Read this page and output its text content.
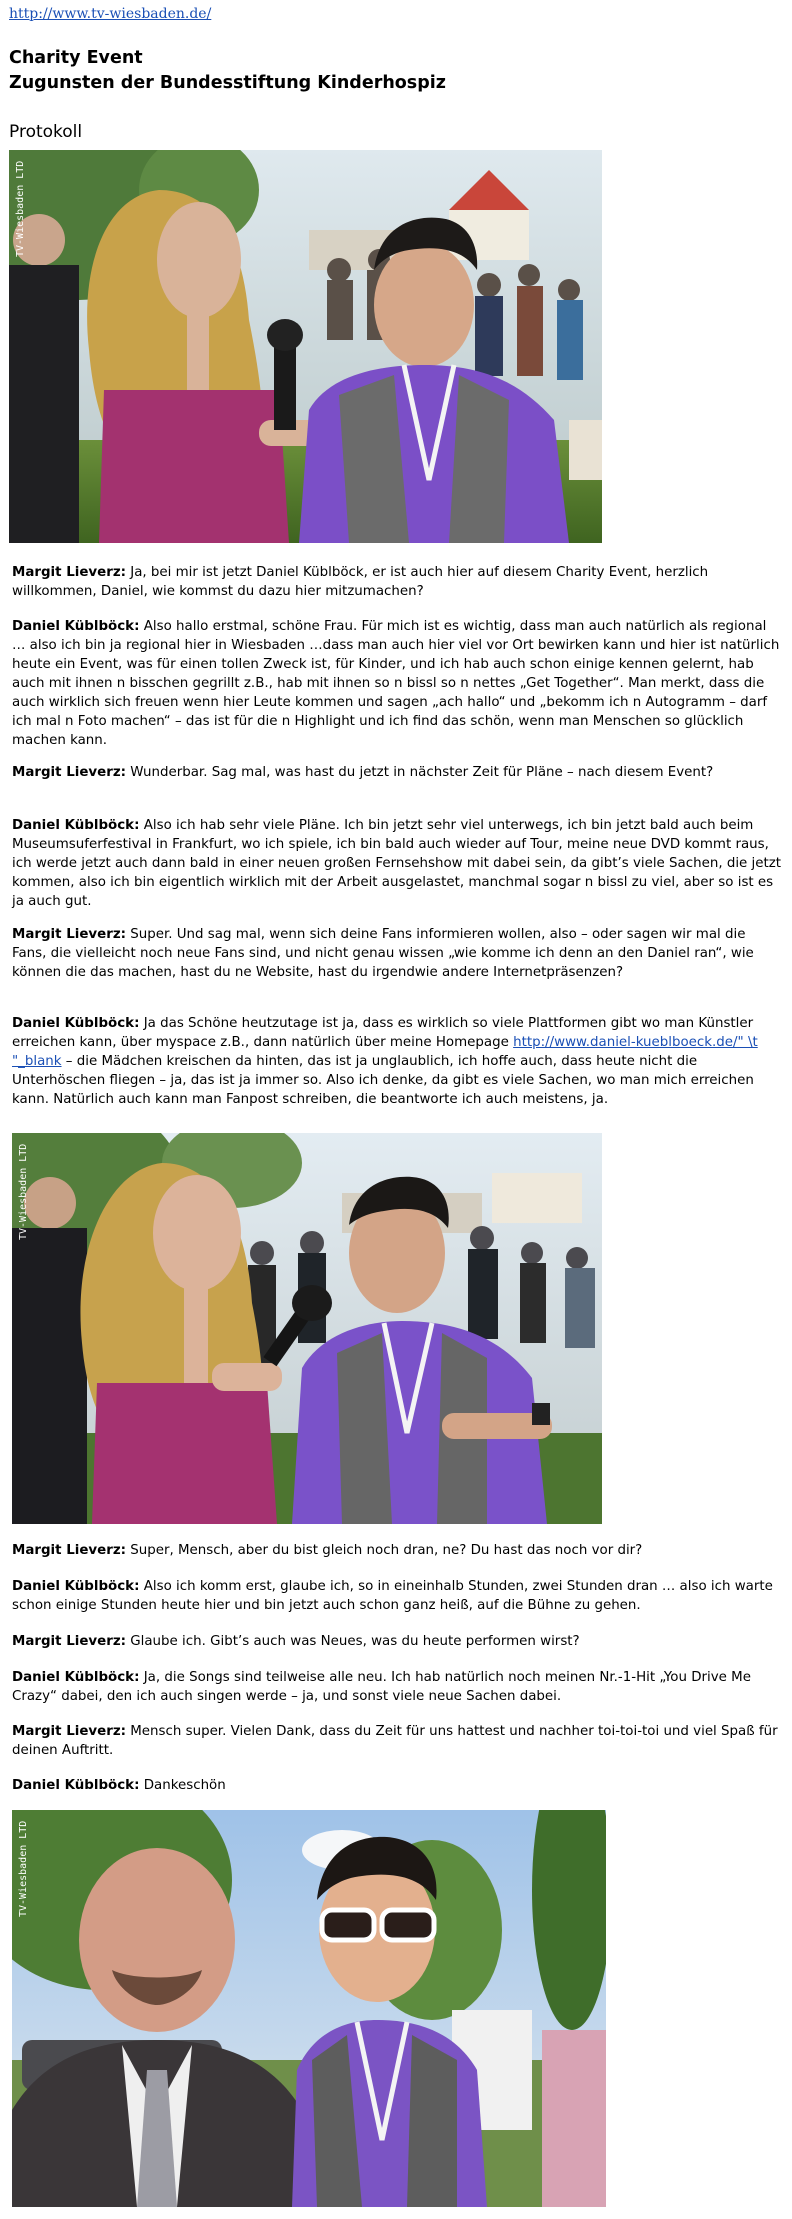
http://www.tv-wiesbaden.de/
Charity Event
Zugunsten der Bundesstiftung Kinderhospiz
Protokoll
TV-Wiesbaden LTD

Margit Lieverz: Ja, bei mir ist jetzt Daniel Küblböck, er ist auch hier auf diesem Charity Event, herzlich willkommen, Daniel, wie kommst du dazu hier mitzumachen?

Daniel Küblböck: Also hallo erstmal, schöne Frau. Für mich ist es wichtig, dass man auch natürlich als regional … also ich bin ja regional hier in Wiesbaden …dass man auch hier viel vor Ort bewirken kann und hier ist natürlich heute ein Event, was für einen tollen Zweck ist, für Kinder, und ich hab auch schon einige kennen gelernt, hab auch mit ihnen n bisschen gegrillt z.B., hab mit ihnen so n bissl so n nettes „Get Together“. Man merkt, dass die auch wirklich sich freuen wenn hier Leute kommen und sagen „ach hallo“ und „bekomm ich n Autogramm – darf ich mal n Foto machen“ – das ist für die n Highlight und ich find das schön, wenn man Menschen so glücklich machen kann.

Margit Lieverz: Wunderbar. Sag mal, was hast du jetzt in nächster Zeit für Pläne – nach diesem Event?

Daniel Küblböck: Also ich hab sehr viele Pläne. Ich bin jetzt sehr viel unterwegs, ich bin jetzt bald auch beim Museumsuferfestival in Frankfurt, wo ich spiele, ich bin bald auch wieder auf Tour, meine neue DVD kommt raus, ich werde jetzt auch dann bald in einer neuen großen Fernsehshow mit dabei sein, da gibt’s viele Sachen, die jetzt kommen, also ich bin eigentlich wirklich mit der Arbeit ausgelastet, manchmal sogar n bissl zu viel, aber so ist es ja auch gut.

Margit Lieverz: Super. Und sag mal, wenn sich deine Fans informieren wollen, also – oder sagen wir mal die Fans, die vielleicht noch neue Fans sind, und nicht genau wissen „wie komme ich denn an den Daniel ran“, wie können die das machen, hast du ne Website, hast du irgendwie andere Internetpräsenzen?

Daniel Küblböck: Ja das Schöne heutzutage ist ja, dass es wirklich so viele Plattformen gibt wo man Künstler erreichen kann, über myspace z.B., dann natürlich über meine Homepage http://www.daniel-kueblboeck.de/" \t "_blank – die Mädchen kreischen da hinten, das ist ja unglaublich, ich hoffe auch, dass heute nicht die Unterhöschen fliegen – ja, das ist ja immer so. Also ich denke, da gibt es viele Sachen, wo man mich erreichen kann. Natürlich auch kann man Fanpost schreiben, die beantworte ich auch meistens, ja.

TV-Wiesbaden LTD

Margit Lieverz: Super, Mensch, aber du bist gleich noch dran, ne? Du hast das noch vor dir?

Daniel Küblböck: Also ich komm erst, glaube ich, so in eineinhalb Stunden, zwei Stunden dran … also ich warte schon einige Stunden heute hier und bin jetzt auch schon ganz heiß, auf die Bühne zu gehen.

Margit Lieverz: Glaube ich. Gibt’s auch was Neues, was du heute performen wirst?

Daniel Küblböck: Ja, die Songs sind teilweise alle neu. Ich hab natürlich noch meinen Nr.-1-Hit „You Drive Me Crazy“ dabei, den ich auch singen werde – ja, und sonst viele neue Sachen dabei.

Margit Lieverz: Mensch super. Vielen Dank, dass du Zeit für uns hattest und nachher toi-toi-toi und viel Spaß für deinen Auftritt.

Daniel Küblböck: Dankeschön

TV-Wiesbaden LTD
